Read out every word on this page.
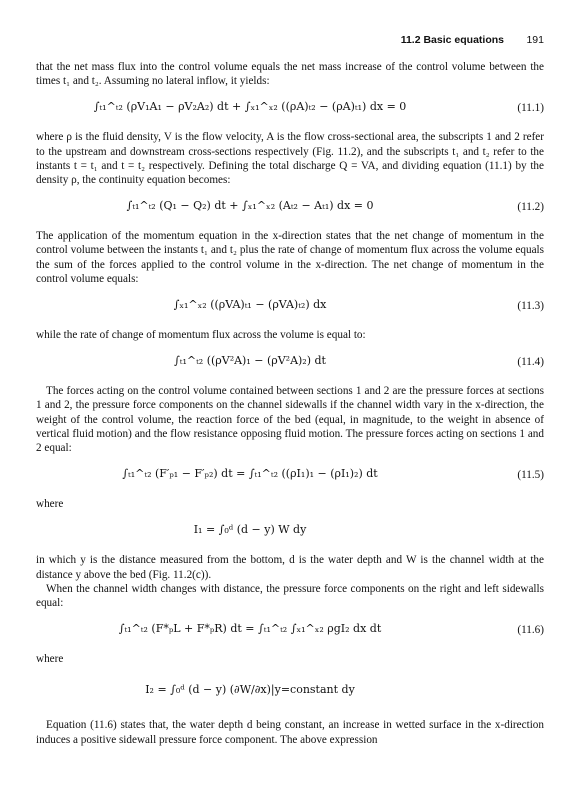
11.2 Basic equations 191

that the net mass flux into the control volume equals the net mass increase of the control volume between the times t₁ and t₂. Assuming no lateral inflow, it yields:

∫ₜ₁^ₜ₂ (ρV₁A₁ − ρV₂A₂) dt + ∫ₓ₁^ₓ₂ ((ρA)ₜ₂ − (ρA)ₜ₁) dx = 0	(11.1)

where ρ is the fluid density, V is the flow velocity, A is the flow cross-sectional area, the subscripts 1 and 2 refer to the upstream and downstream cross-sections respectively (Fig. 11.2), and the subscripts t₁ and t₂ refer to the instants t = t₁ and t = t₂ respectively. Defining the total discharge Q = VA, and dividing equation (11.1) by the density ρ, the continuity equation becomes:

∫ₜ₁^ₜ₂ (Q₁ − Q₂) dt + ∫ₓ₁^ₓ₂ (Aₜ₂ − Aₜ₁) dx = 0	(11.2)

The application of the momentum equation in the x-direction states that the net change of momentum in the control volume between the instants t₁ and t₂ plus the rate of change of momentum flux across the volume equals the sum of the forces applied to the control volume in the x-direction. The net change of momentum in the control volume equals:

∫ₓ₁^ₓ₂ ((ρVA)ₜ₁ − (ρVA)ₜ₂) dx	(11.3)

while the rate of change of momentum flux across the volume is equal to:

∫ₜ₁^ₜ₂ ((ρV²A)₁ − (ρV²A)₂) dt	(11.4)

The forces acting on the control volume contained between sections 1 and 2 are the pressure forces at sections 1 and 2, the pressure force components on the channel sidewalls if the channel width vary in the x-direction, the weight of the control volume, the reaction force of the bed (equal, in magnitude, to the weight in absence of vertical fluid motion) and the flow resistance opposing fluid motion. The pressure forces acting on sections 1 and 2 equal:

∫ₜ₁^ₜ₂ (F′ₚ₁ − F′ₚ₂) dt = ∫ₜ₁^ₜ₂ ((ρI₁)₁ − (ρI₁)₂) dt	(11.5)

where

I₁ = ∫₀ᵈ (d − y) W dy

in which y is the distance measured from the bottom, d is the water depth and W is the channel width at the distance y above the bed (Fig. 11.2(c)).

When the channel width changes with distance, the pressure force components on the right and left sidewalls equal:

∫ₜ₁^ₜ₂ (F*ₚL + F*ₚR) dt = ∫ₜ₁^ₜ₂ ∫ₓ₁^ₓ₂ ρgI₂ dx dt	(11.6)

where

I₂ = ∫₀ᵈ (d − y) (∂W/∂x)|y=constant dy

Equation (11.6) states that, the water depth d being constant, an increase in wetted surface in the x-direction induces a positive sidewall pressure force component. The above expression
